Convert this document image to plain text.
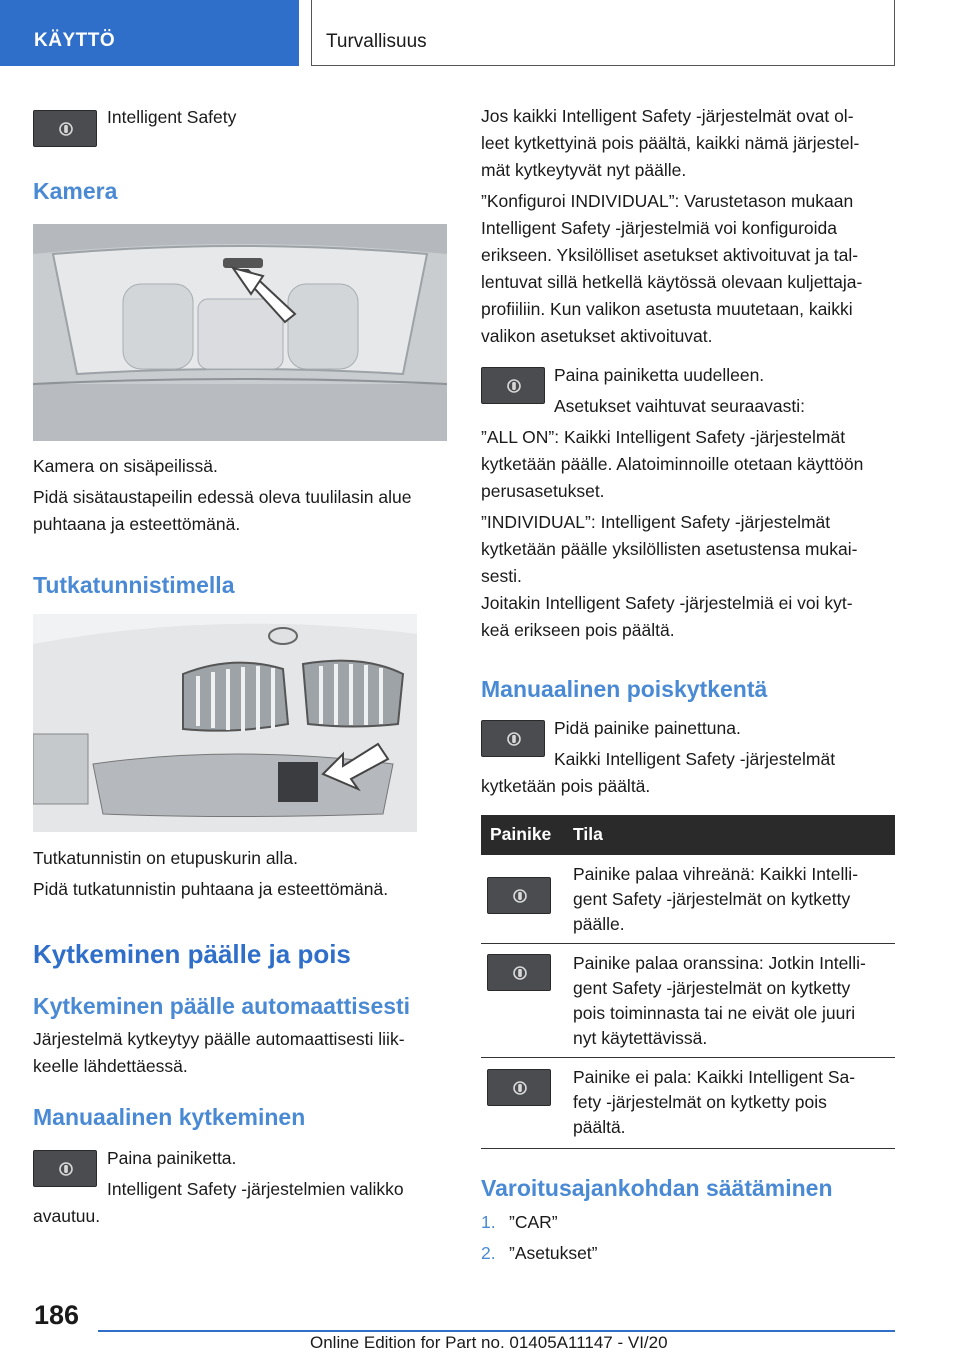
KÄYTTÖ	Turvallisuus
Intelligent Safety
Kamera
Kamera on sisäpeilissä.
Pidä sisätaustapeilin edessä oleva tuulilasin alue
puhtaana ja esteettömänä.
Tutkatunnistimella
Tutkatunnistin on etupuskurin alla.
Pidä tutkatunnistin puhtaana ja esteettömänä.
Kytkeminen päälle ja pois
Kytkeminen päälle automaattisesti
Järjestelmä kytkeytyy päälle automaattisesti liik-
keelle lähdettäessä.
Manuaalinen kytkeminen
Paina painiketta.
Intelligent Safety -järjestelmien valikko
avautuu.
Jos kaikki Intelligent Safety -järjestelmät ovat ol-
leet kytkettyinä pois päältä, kaikki nämä järjestel-
mät kytkeytyvät nyt päälle.
”Konfiguroi INDIVIDUAL”: Varustetason mukaan
Intelligent Safety -järjestelmiä voi konfiguroida
erikseen. Yksilölliset asetukset aktivoituvat ja tal-
lentuvat sillä hetkellä käytössä olevaan kuljettaja-
profiiliin. Kun valikon asetusta muutetaan, kaikki
valikon asetukset aktivoituvat.
Paina painiketta uudelleen.
Asetukset vaihtuvat seuraavasti:
”ALL ON”: Kaikki Intelligent Safety -järjestelmät
kytketään päälle. Alatoiminnoille otetaan käyttöön
perusasetukset.
”INDIVIDUAL”: Intelligent Safety -järjestelmät
kytketään päälle yksilöllisten asetustensa mukai-
sesti.
Joitakin Intelligent Safety -järjestelmiä ei voi kyt-
keä erikseen pois päältä.
Manuaalinen poiskytkentä
Pidä painike painettuna.
Kaikki Intelligent Safety -järjestelmät
kytketään pois päältä.
Painike Tila
Painike palaa vihreänä: Kaikki Intelli-
gent Safety -järjestelmät on kytketty
päälle.
Painike palaa oranssina: Jotkin Intelli-
gent Safety -järjestelmät on kytketty
pois toiminnasta tai ne eivät ole juuri
nyt käytettävissä.
Painike ei pala: Kaikki Intelligent Sa-
fety -järjestelmät on kytketty pois
päältä.
Varoitusajankohdan säätäminen
1. ”CAR”
2. ”Asetukset”
186
Online Edition for Part no. 01405A11147 - VI/20
